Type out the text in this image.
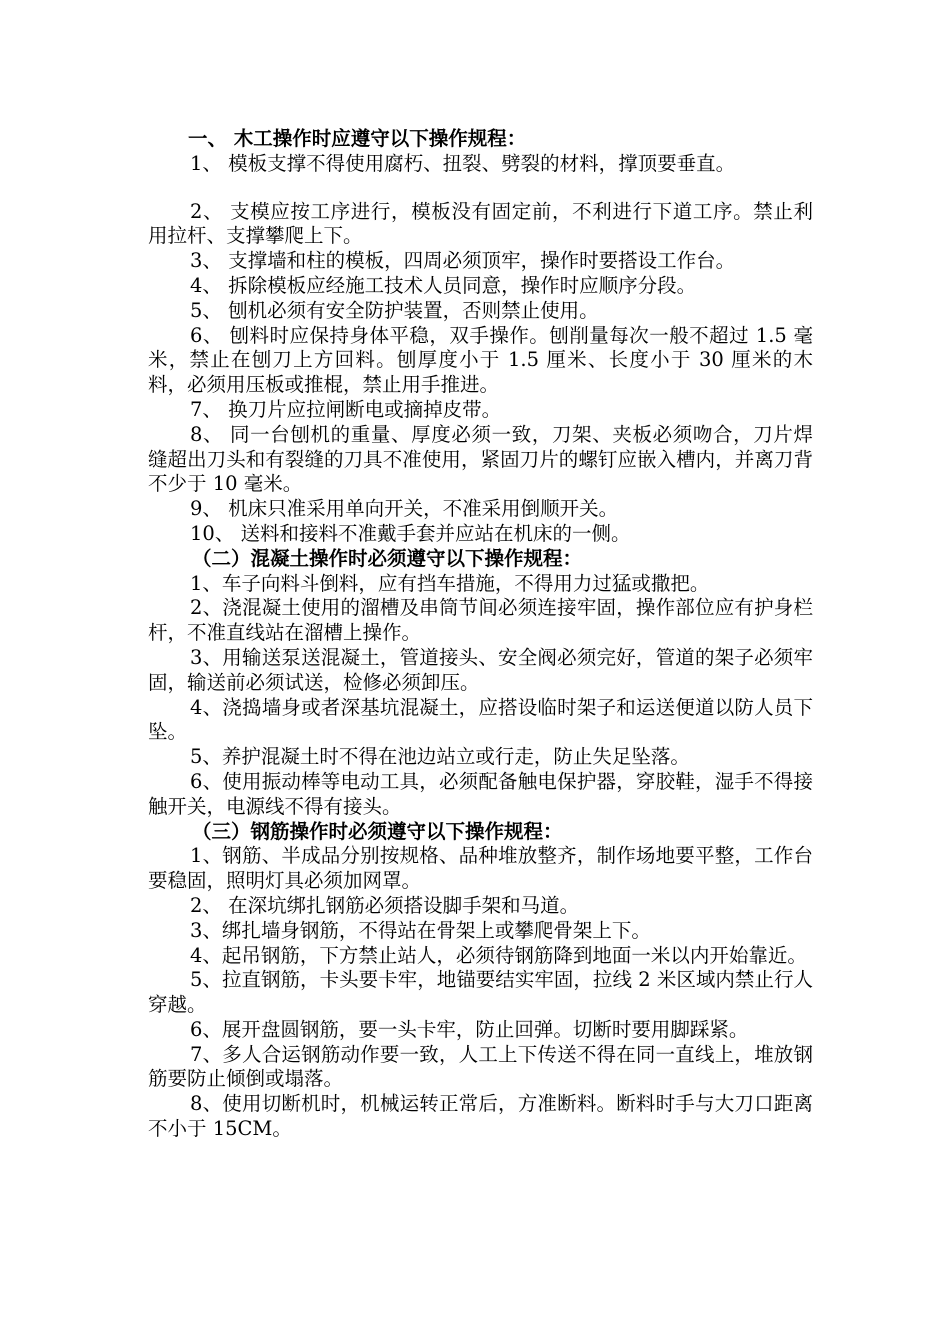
一、 木工操作时应遵守以下操作规程：

1、 模板支撑不得使用腐朽、扭裂、劈裂的材料，撑顶要垂直。

2、 支模应按工序进行，模板没有固定前，不利进行下道工序。禁止利用拉杆、支撑攀爬上下。

3、 支撑墙和柱的模板，四周必须顶牢，操作时要搭设工作台。

4、 拆除模板应经施工技术人员同意，操作时应顺序分段。

5、 刨机必须有安全防护装置，否则禁止使用。

6、 刨料时应保持身体平稳，双手操作。刨削量每次一般不超过 1.5 毫米，禁止在刨刀上方回料。刨厚度小于 1.5 厘米、长度小于 30 厘米的木料，必须用压板或推棍，禁止用手推进。

7、 换刀片应拉闸断电或摘掉皮带。

8、 同一台刨机的重量、厚度必须一致，刀架、夹板必须吻合，刀片焊缝超出刀头和有裂缝的刀具不准使用，紧固刀片的螺钉应嵌入槽内，并离刀背不少于 10 毫米。

9、 机床只准采用单向开关，不准采用倒顺开关。

10、 送料和接料不准戴手套并应站在机床的一侧。

（二）混凝土操作时必须遵守以下操作规程：

1、车子向料斗倒料，应有挡车措施，不得用力过猛或撒把。

2、浇混凝土使用的溜槽及串筒节间必须连接牢固，操作部位应有护身栏杆，不准直线站在溜槽上操作。

3、用输送泵送混凝土，管道接头、安全阀必须完好，管道的架子必须牢固，输送前必须试送，检修必须卸压。

4、浇捣墙身或者深基坑混凝土，应搭设临时架子和运送便道以防人员下坠。

5、养护混凝土时不得在池边站立或行走，防止失足坠落。

6、使用振动棒等电动工具，必须配备触电保护器，穿胶鞋，湿手不得接触开关，电源线不得有接头。

（三）钢筋操作时必须遵守以下操作规程：

1、钢筋、半成品分别按规格、品种堆放整齐，制作场地要平整，工作台要稳固，照明灯具必须加网罩。

2、 在深坑绑扎钢筋必须搭设脚手架和马道。

3、绑扎墙身钢筋，不得站在骨架上或攀爬骨架上下。

4、起吊钢筋，下方禁止站人，必须待钢筋降到地面一米以内开始靠近。

5、拉直钢筋，卡头要卡牢，地锚要结实牢固，拉线 2 米区域内禁止行人穿越。

6、展开盘圆钢筋，要一头卡牢，防止回弹。切断时要用脚踩紧。

7、多人合运钢筋动作要一致，人工上下传送不得在同一直线上，堆放钢筋要防止倾倒或塌落。

8、使用切断机时，机械运转正常后，方准断料。断料时手与大刀口距离不小于 15CM。
